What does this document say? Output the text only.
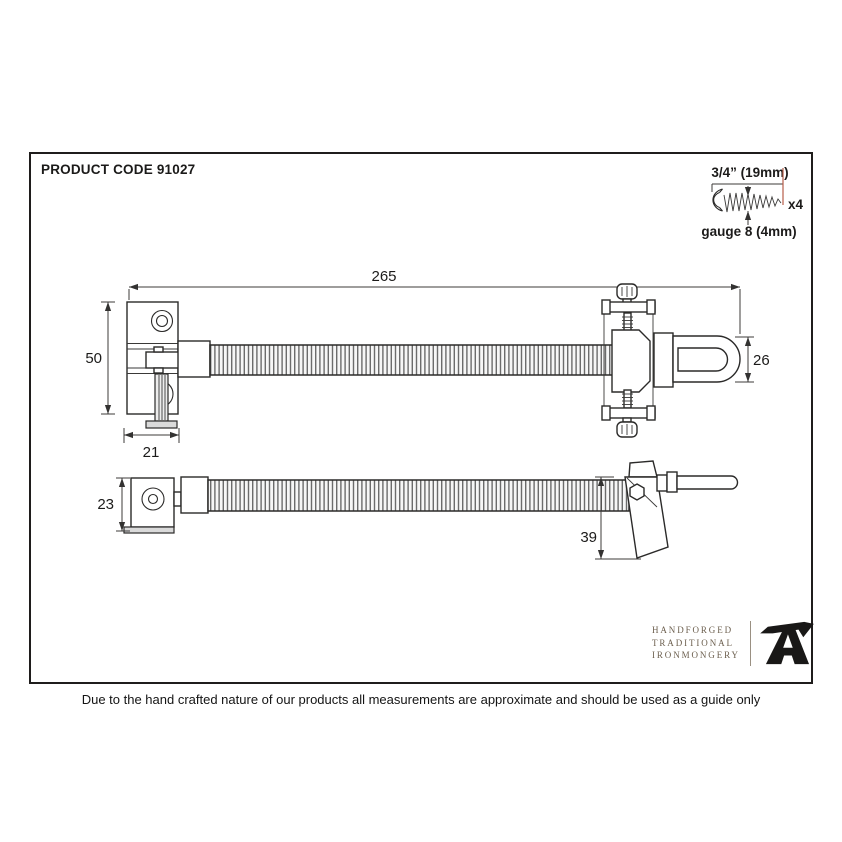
PRODUCT CODE 91027	3/4” (19mm)
x4
gauge 8 (4mm)
265
50
21
26
23
39
HANDFORGED
TRADITIONAL
IRONMONGERY
Due to the hand crafted nature of our products all measurements are approximate and should be used as a guide only
